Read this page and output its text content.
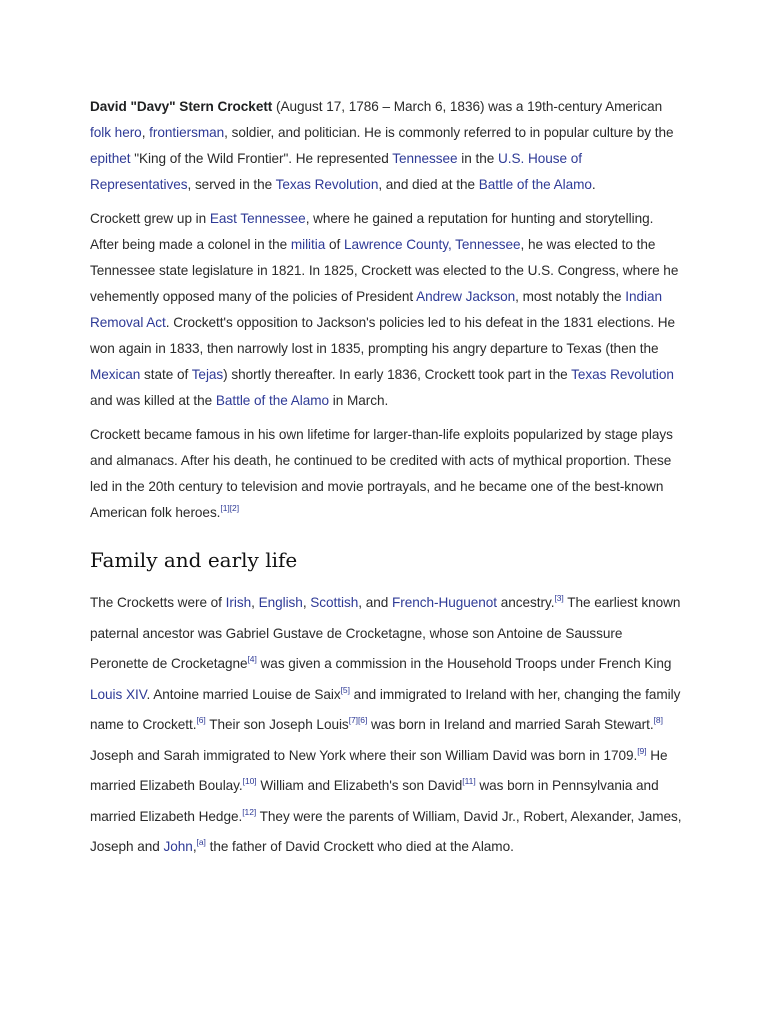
David "Davy" Stern Crockett (August 17, 1786 – March 6, 1836) was a 19th-century American folk hero, frontiersman, soldier, and politician. He is commonly referred to in popular culture by the epithet "King of the Wild Frontier". He represented Tennessee in the U.S. House of Representatives, served in the Texas Revolution, and died at the Battle of the Alamo.

Crockett grew up in East Tennessee, where he gained a reputation for hunting and storytelling. After being made a colonel in the militia of Lawrence County, Tennessee, he was elected to the Tennessee state legislature in 1821. In 1825, Crockett was elected to the U.S. Congress, where he vehemently opposed many of the policies of President Andrew Jackson, most notably the Indian Removal Act. Crockett's opposition to Jackson's policies led to his defeat in the 1831 elections. He won again in 1833, then narrowly lost in 1835, prompting his angry departure to Texas (then the Mexican state of Tejas) shortly thereafter. In early 1836, Crockett took part in the Texas Revolution and was killed at the Battle of the Alamo in March.

Crockett became famous in his own lifetime for larger-than-life exploits popularized by stage plays and almanacs. After his death, he continued to be credited with acts of mythical proportion. These led in the 20th century to television and movie portrayals, and he became one of the best-known American folk heroes.[1][2]

Family and early life

The Crocketts were of Irish, English, Scottish, and French-Huguenot ancestry.[3] The earliest known paternal ancestor was Gabriel Gustave de Crocketagne, whose son Antoine de Saussure Peronette de Crocketagne[4] was given a commission in the Household Troops under French King Louis XIV. Antoine married Louise de Saix[5] and immigrated to Ireland with her, changing the family name to Crockett.[6] Their son Joseph Louis[7][6] was born in Ireland and married Sarah Stewart.[8] Joseph and Sarah immigrated to New York where their son William David was born in 1709.[9] He married Elizabeth Boulay.[10] William and Elizabeth's son David[11] was born in Pennsylvania and married Elizabeth Hedge.[12] They were the parents of William, David Jr., Robert, Alexander, James, Joseph and John,[a] the father of David Crockett who died at the Alamo.
